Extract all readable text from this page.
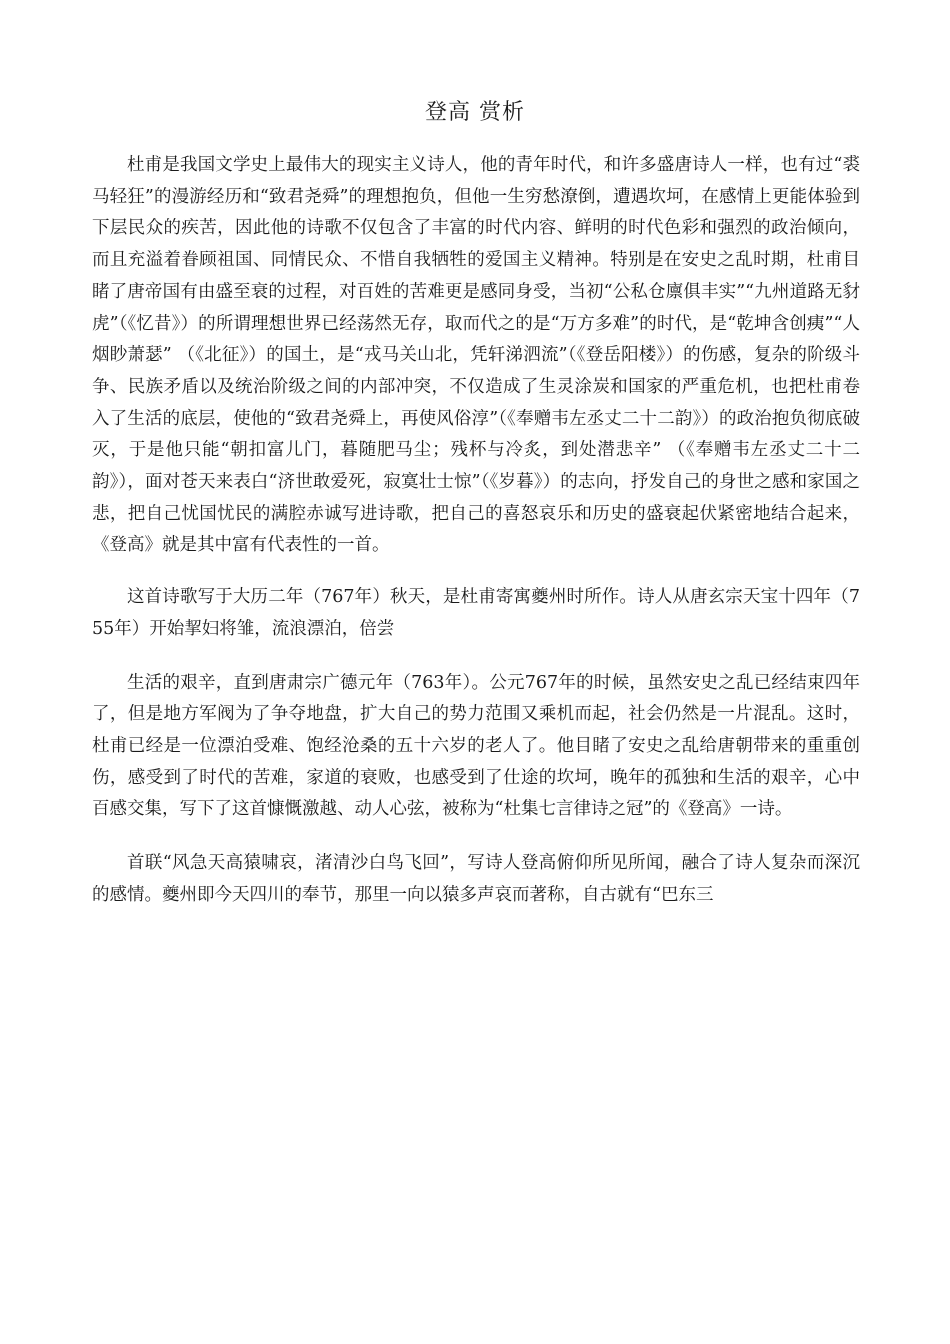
登高 赏析

杜甫是我国文学史上最伟大的现实主义诗人，他的青年时代，和许多盛唐诗人一样，也有过“裘马轻狂”的漫游经历和“致君尧舜”的理想抱负，但他一生穷愁潦倒，遭遇坎坷，在感情上更能体验到下层民众的疾苦，因此他的诗歌不仅包含了丰富的时代内容、鲜明的时代色彩和强烈的政治倾向，而且充溢着眷顾祖国、同情民众、不惜自我牺牲的爱国主义精神。特别是在安史之乱时期，杜甫目睹了唐帝国有由盛至衰的过程，对百姓的苦难更是感同身受，当初“公私仓廪俱丰实”“九州道路无豺虎”（《忆昔》）的所谓理想世界已经荡然无存，取而代之的是“万方多难”的时代，是“乾坤含创痍”“人烟眇萧瑟” （《北征》）的国土，是“戎马关山北，凭轩涕泗流”（《登岳阳楼》）的伤感，复杂的阶级斗争、民族矛盾以及统治阶级之间的内部冲突，不仅造成了生灵涂炭和国家的严重危机，也把杜甫卷入了生活的底层，使他的“致君尧舜上，再使风俗淳”（《奉赠韦左丞丈二十二韵》）的政治抱负彻底破灭，于是他只能“朝扣富儿门，暮随肥马尘；残杯与冷炙，到处潜悲辛” （《奉赠韦左丞丈二十二韵》），面对苍天来表白“济世敢爱死，寂寞壮士惊”（《岁暮》）的志向，抒发自己的身世之感和家国之悲，把自己忧国忧民的满腔赤诚写进诗歌，把自己的喜怒哀乐和历史的盛衰起伏紧密地结合起来，《登高》就是其中富有代表性的一首。

这首诗歌写于大历二年（767年）秋天，是杜甫寄寓夔州时所作。诗人从唐玄宗天宝十四年（755年）开始挈妇将雏，流浪漂泊，倍尝

生活的艰辛，直到唐肃宗广德元年（763年）。公元767年的时候，虽然安史之乱已经结束四年了，但是地方军阀为了争夺地盘，扩大自己的势力范围又乘机而起，社会仍然是一片混乱。这时，杜甫已经是一位漂泊受难、饱经沧桑的五十六岁的老人了。他目睹了安史之乱给唐朝带来的重重创伤，感受到了时代的苦难，家道的衰败，也感受到了仕途的坎坷，晚年的孤独和生活的艰辛，心中百感交集，写下了这首慷慨激越、动人心弦，被称为“杜集七言律诗之冠”的《登高》一诗。

首联“风急天高猿啸哀，渚清沙白鸟飞回”，写诗人登高俯仰所见所闻，融合了诗人复杂而深沉的感情。夔州即今天四川的奉节，那里一向以猿多声哀而著称，自古就有“巴东三
